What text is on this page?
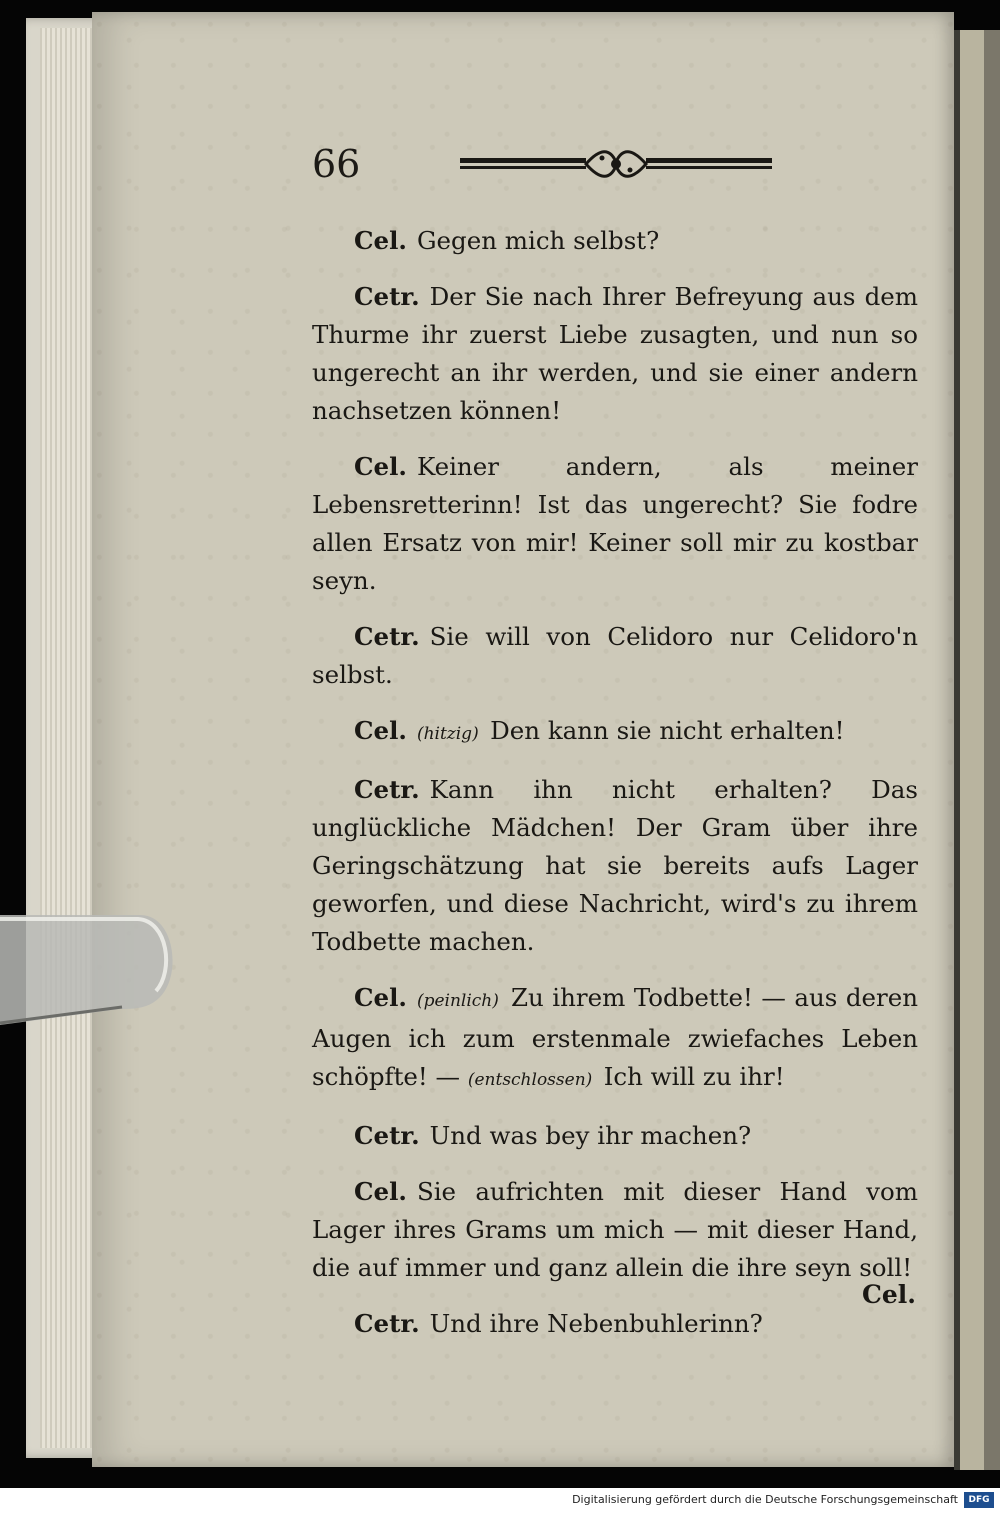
66

Cel. Gegen mich selbst?

Cetr. Der Sie nach Ihrer Befreyung aus dem Thurme ihr zuerst Liebe zusagten, und nun so ungerecht an ihr werden, und sie einer andern nachsetzen können!

Cel. Keiner andern, als meiner Lebensretterinn! Ist das ungerecht? Sie fodre allen Ersatz von mir! Keiner soll mir zu kostbar seyn.

Cetr. Sie will von Celidoro nur Celidoro'n selbst.

Cel. (hitzig) Den kann sie nicht erhalten!

Cetr. Kann ihn nicht erhalten? Das unglückliche Mädchen! Der Gram über ihre Geringschätzung hat sie bereits aufs Lager geworfen, und diese Nachricht, wird's zu ihrem Todbette machen.

Cel. (peinlich) Zu ihrem Todbette! — aus deren Augen ich zum erstenmale zwiefaches Leben schöpfte! — (entschlossen) Ich will zu ihr!

Cetr. Und was bey ihr machen?

Cel. Sie aufrichten mit dieser Hand vom Lager ihres Grams um mich — mit dieser Hand, die auf immer und ganz allein die ihre seyn soll!

Cetr. Und ihre Nebenbuhlerinn?

Cel.
Digitalisierung gefördert durch die Deutsche Forschungsgemeinschaft	DFG
